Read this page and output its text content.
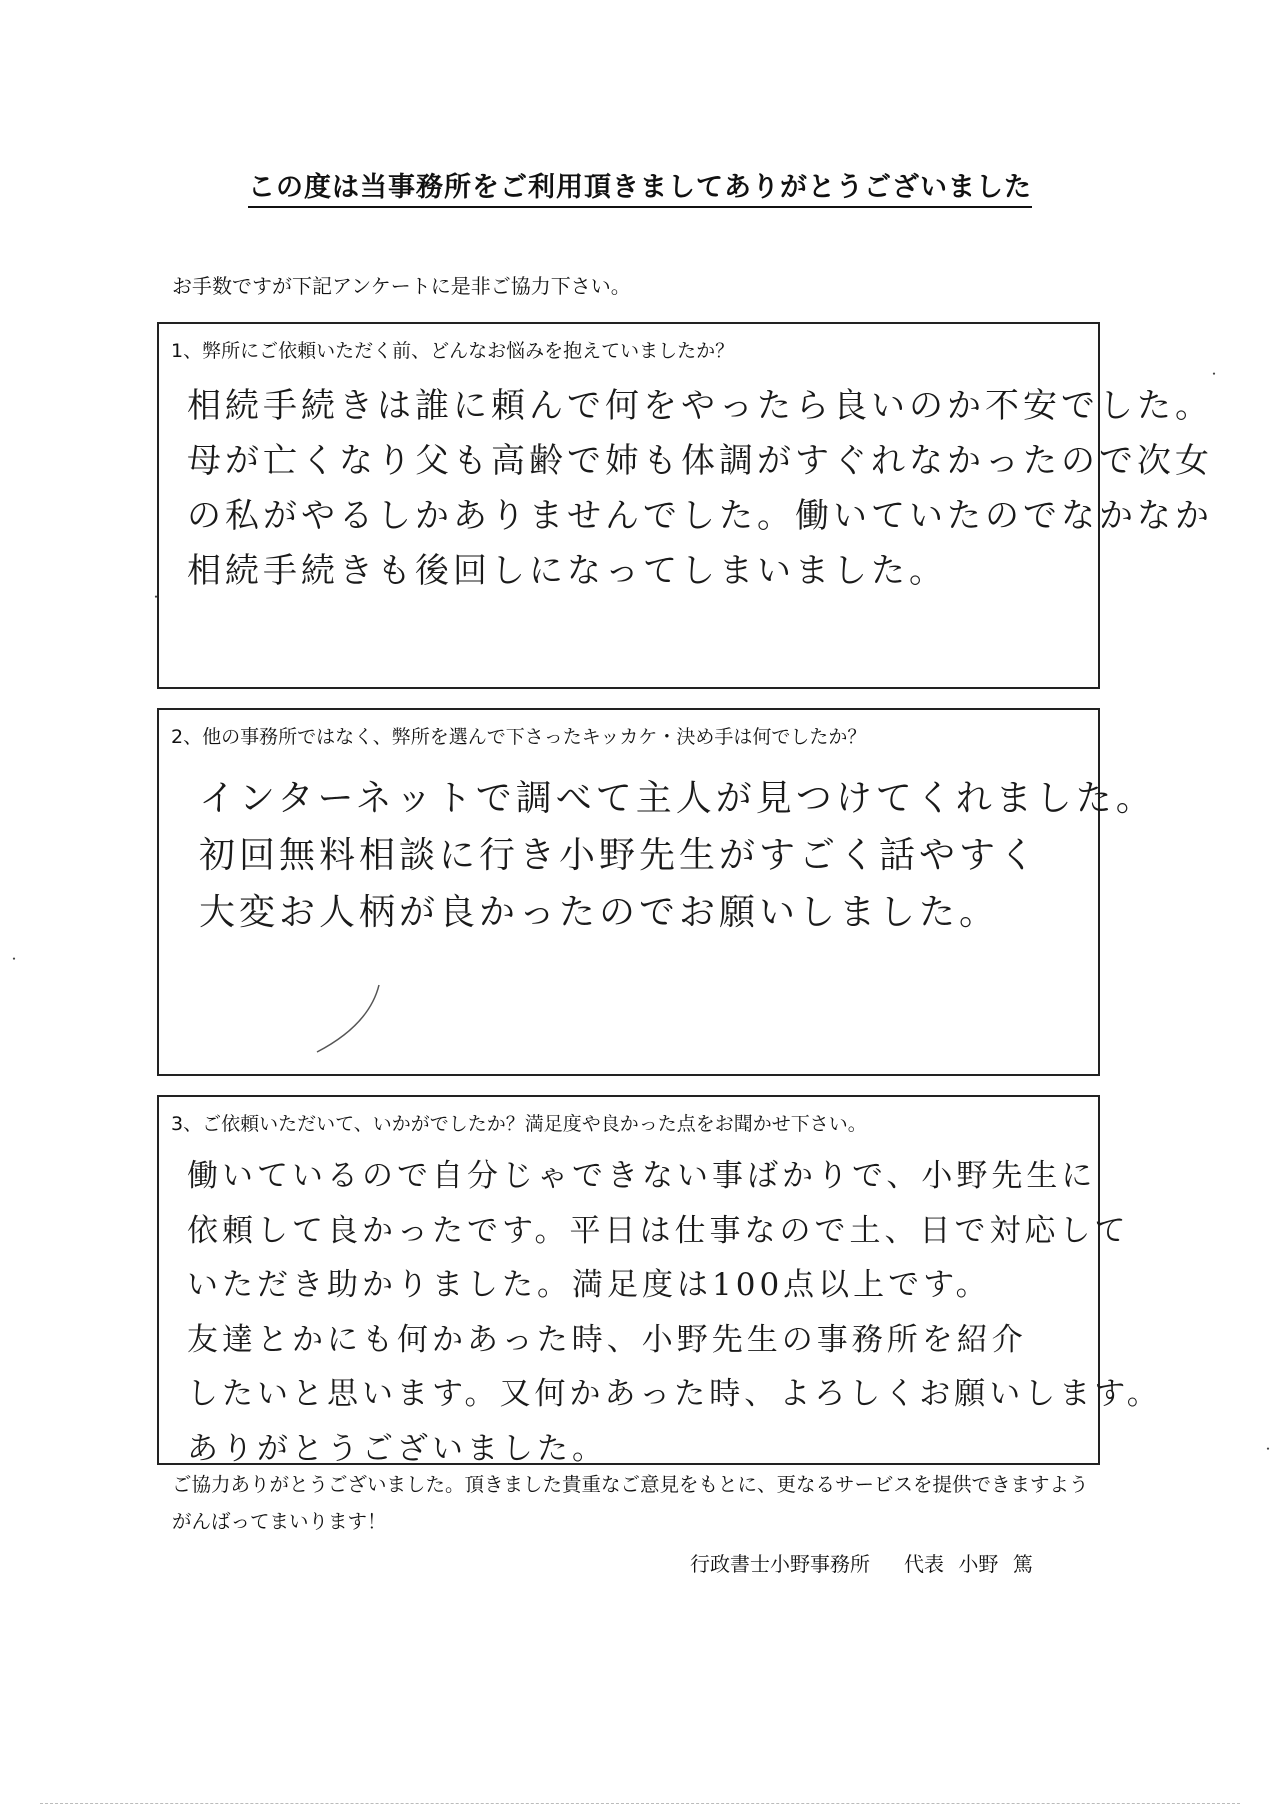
この度は当事務所をご利用頂きましてありがとうございました
お手数ですが下記アンケートに是非ご協力下さい。
1、弊所にご依頼いただく前、どんなお悩みを抱えていましたか？
相続手続きは誰に頼んで何をやったら良いのか不安でした。
母が亡くなり父も高齢で姉も体調がすぐれなかったので次女
の私がやるしかありませんでした。働いていたのでなかなか
相続手続きも後回しになってしまいました。
2、他の事務所ではなく、弊所を選んで下さったキッカケ・決め手は何でしたか？
インターネットで調べて主人が見つけてくれました。
初回無料相談に行き小野先生がすごく話やすく
大変お人柄が良かったのでお願いしました。
3、ご依頼いただいて、いかがでしたか？満足度や良かった点をお聞かせ下さい。
働いているので自分じゃできない事ばかりで、小野先生に
依頼して良かったです。平日は仕事なので土、日で対応して
いただき助かりました。満足度は100点以上です。
友達とかにも何かあった時、小野先生の事務所を紹介
したいと思います。又何かあった時、よろしくお願いします。
ありがとうございました。
ご協力ありがとうございました。頂きました貴重なご意見をもとに、更なるサービスを提供できますようがんばってまいります！
行政書士小野事務所 代表 小野 篤
・
・
・
・
